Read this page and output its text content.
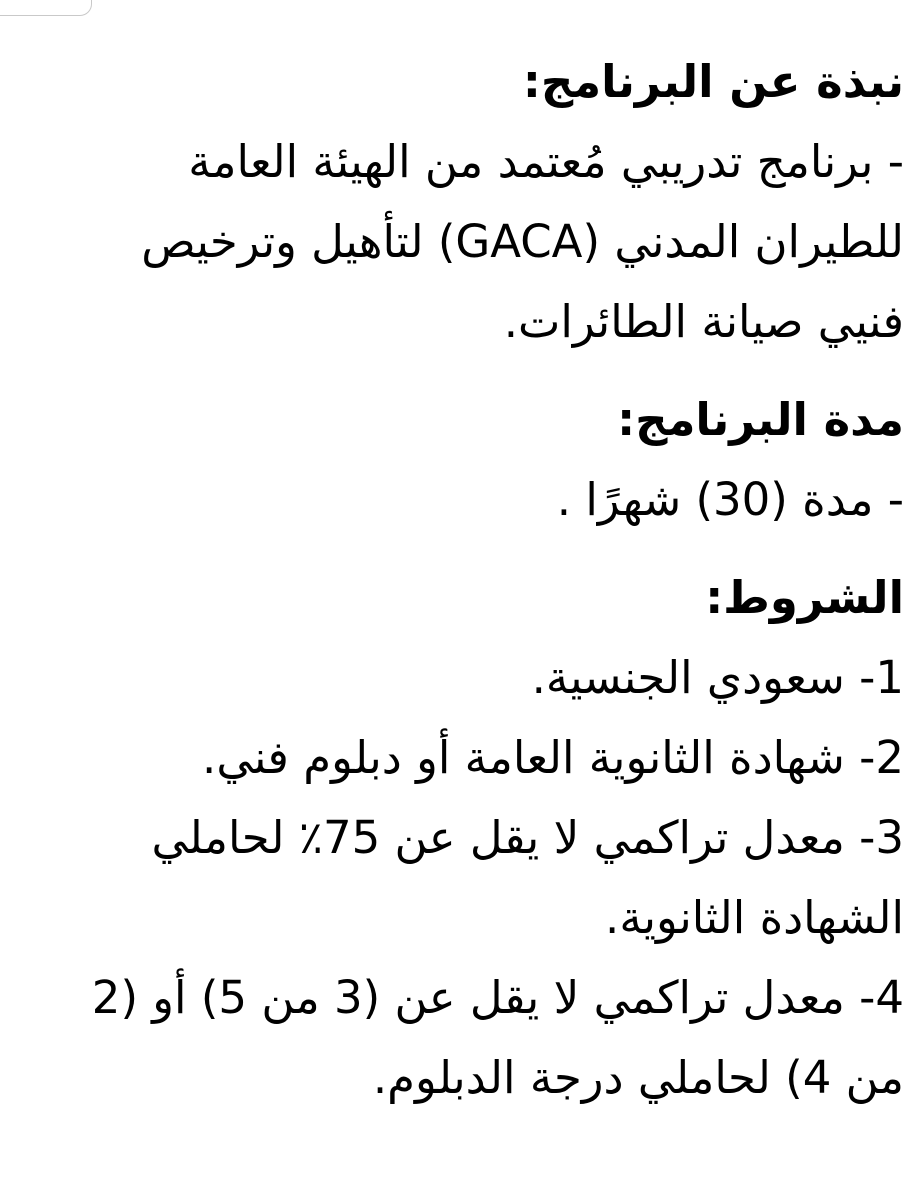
نبذة عن البرنامج:

- برنامج تدريبي مُعتمد من الهيئة العامة

للطيران المدني (GACA) لتأهيل وترخيص

فنيي صيانة الطائرات.

مدة البرنامج:

- مدة (30) شهرًا .

الشروط:

1- سعودي الجنسية.

2- شهادة الثانوية العامة أو دبلوم فني.

3- معدل تراكمي لا يقل عن 75٪ لحاملي

الشهادة الثانوية.

4- معدل تراكمي لا يقل عن (3 من 5) أو (2

من 4) لحاملي درجة الدبلوم.
